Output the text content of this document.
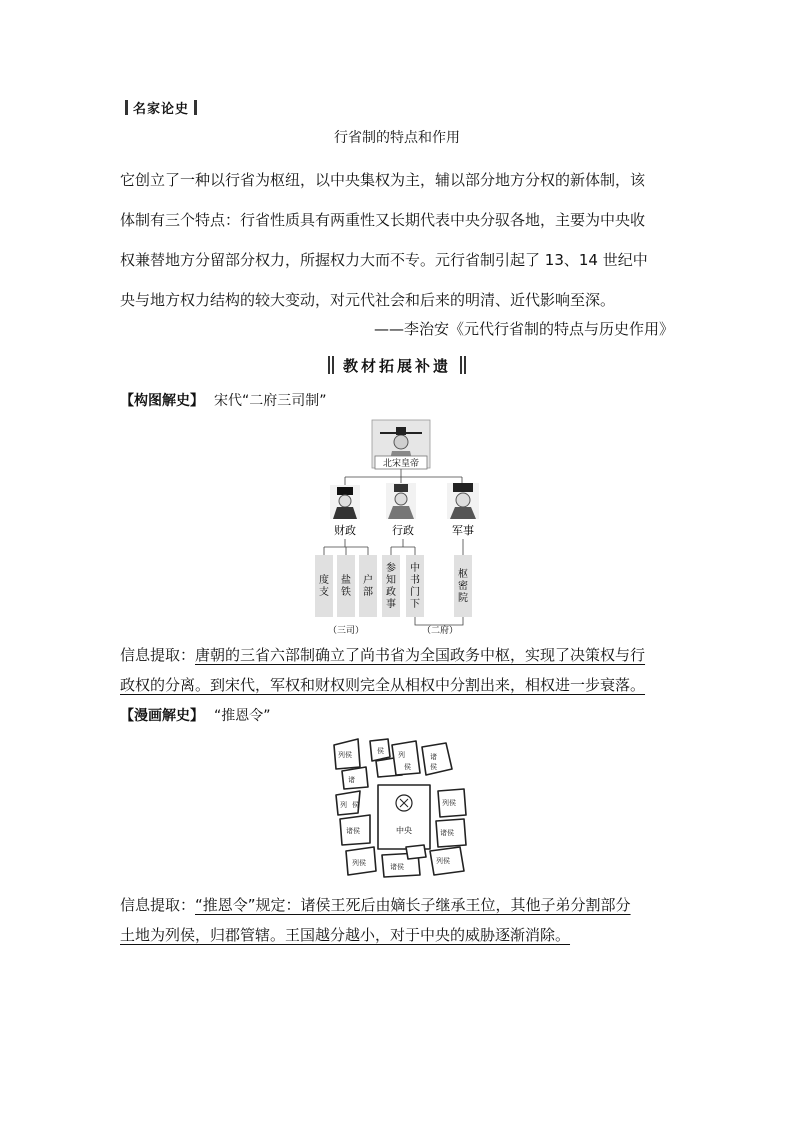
名家论史
行省制的特点和作用

它创立了一种以行省为枢纽，以中央集权为主，辅以部分地方分权的新体制，该

体制有三个特点：行省性质具有两重性又长期代表中央分驭各地，主要为中央收

权兼替地方分留部分权力，所握权力大而不专。元行省制引起了 13、14 世纪中

央与地方权力结构的较大变动，对元代社会和后来的明清、近代影响至深。

——李治安《元代行省制的特点与历史作用》
教材拓展补遗
【构图解史】 宋代“二府三司制”
北宋皇帝
财政	行政	军事
度支
盐铁
户部
参知政事
中书门下
枢密院
（三司）	（二府）
信息提取：唐朝的三省六部制确立了尚书省为全国政务中枢，实现了决策权与行
政权的分离。到宋代，军权和财权则完全从相权中分割出来，相权进一步衰落。
【漫画解史】 “推恩令”
中央
列侯
诸
侯 列
侯
诸
侯
列 侯
诸侯
列侯
诸侯
列侯	诸侯
列侯
信息提取：“推恩令”规定：诸侯王死后由嫡长子继承王位，其他子弟分割部分
土地为列侯，归郡管辖。王国越分越小，对于中央的威胁逐渐消除。
